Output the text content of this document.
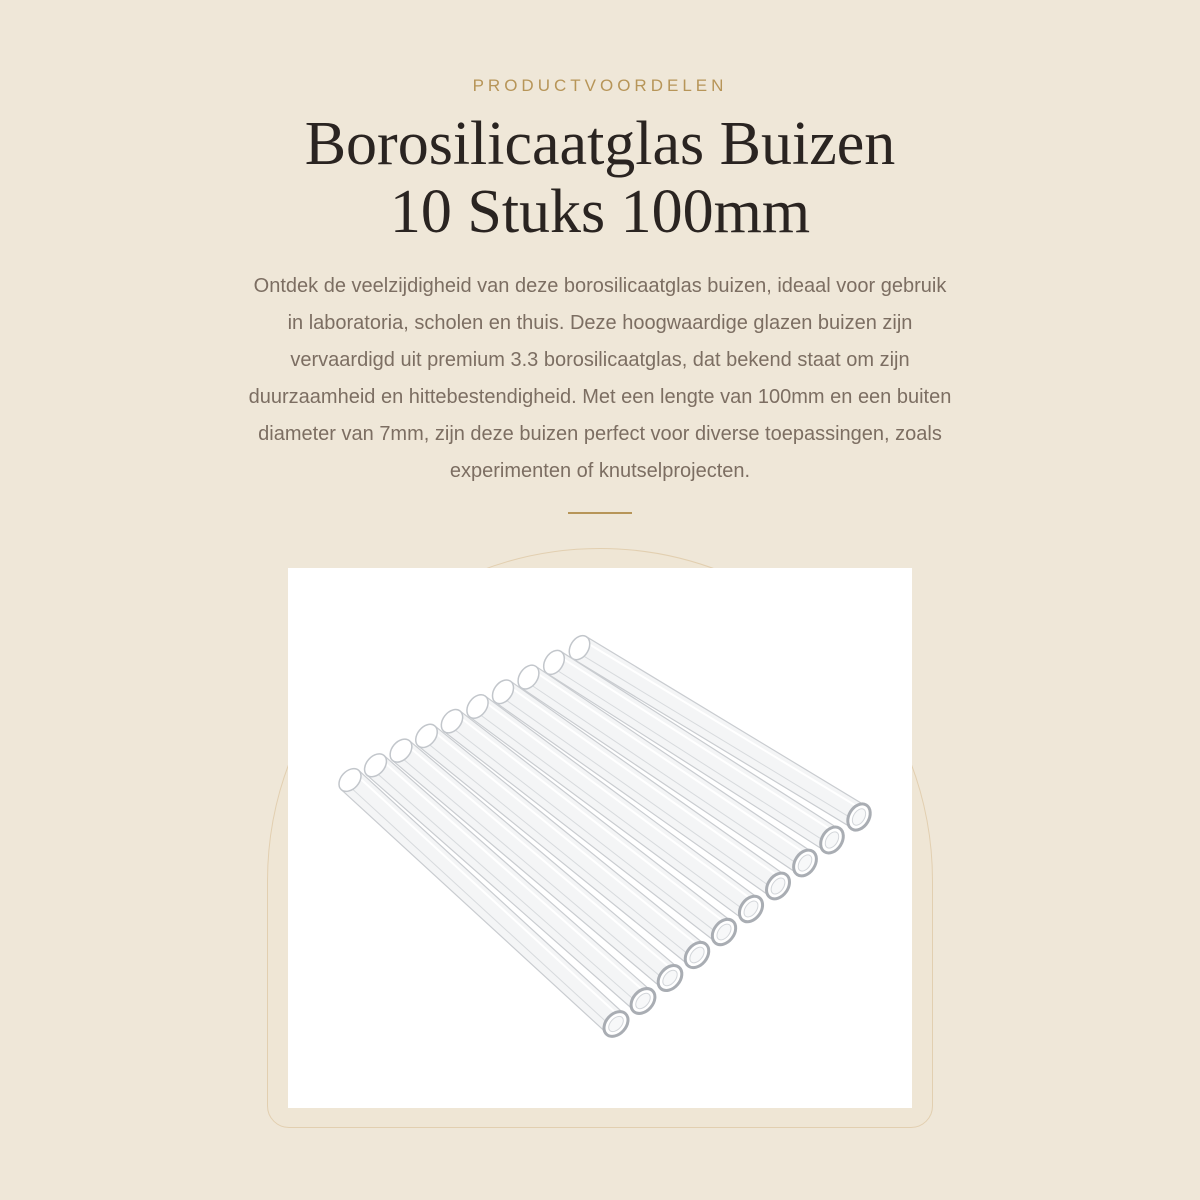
PRODUCTVOORDELEN
Borosilicaatglas Buizen
10 Stuks 100mm

Ontdek de veelzijdigheid van deze borosilicaatglas buizen, ideaal voor gebruik
in laboratoria, scholen en thuis. Deze hoogwaardige glazen buizen zijn
vervaardigd uit premium 3.3 borosilicaatglas, dat bekend staat om zijn
duurzaamheid en hittebestendigheid. Met een lengte van 100mm en een buiten
diameter van 7mm, zijn deze buizen perfect voor diverse toepassingen, zoals
experimenten of knutselprojecten.
